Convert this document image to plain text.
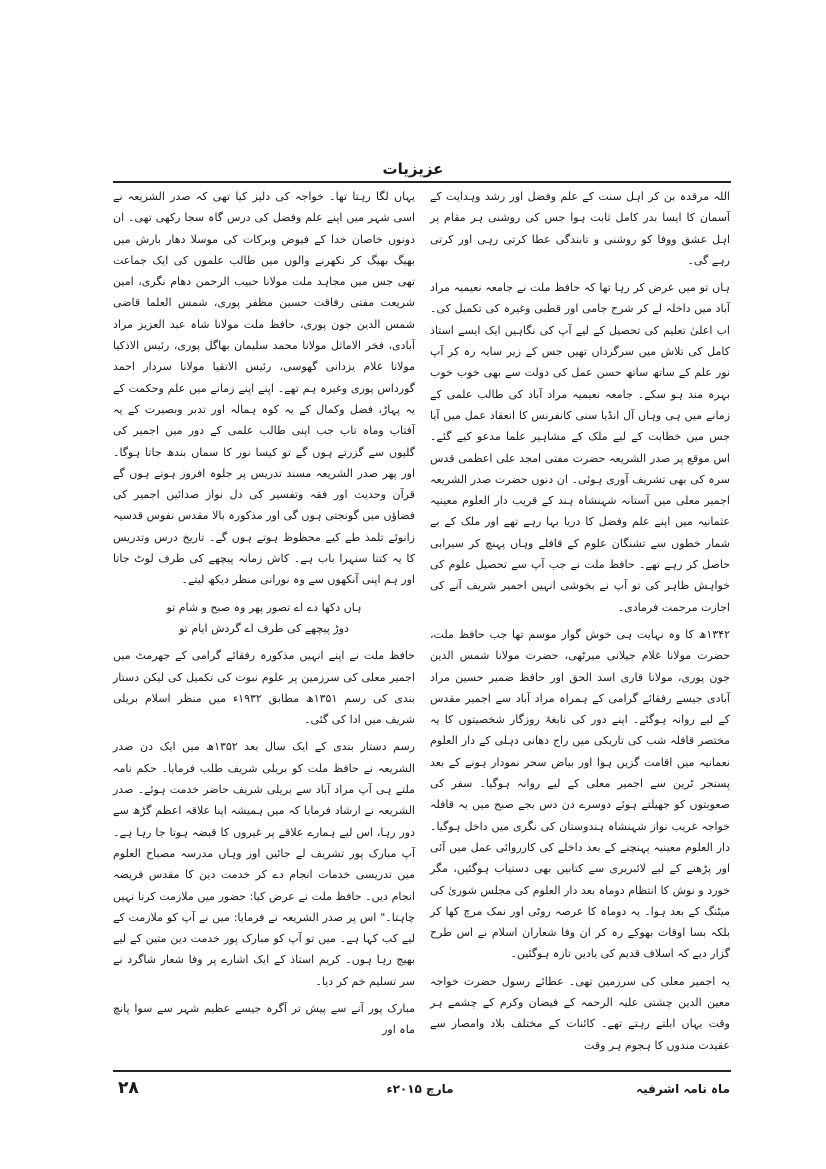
عزیزیات

اللہ مرقدہ بن کر اہل سنت کے علم وفضل اور رشد وہدایت کے آسمان کا ایسا بدر کامل ثابت ہوا جس کی روشنی ہر مقام پر اہل عشق ووفا کو روشنی و تابندگی عطا کرتی رہی اور کرتی رہے گی۔

ہاں تو میں عرض کر رہا تھا کہ حافظ ملت نے جامعہ نعیمیہ مراد آباد میں داخلہ لے کر شرح جامی اور قطبی وغیرہ کی تکمیل کی۔ اب اعلیٰ تعلیم کی تحصیل کے لیے آپ کی نگاہیں ایک ایسے استاذ کامل کی تلاش میں سرگرداں تھیں جس کے زیر سایہ رہ کر آپ نور علم کے ساتھ ساتھ حسن عمل کی دولت سے بھی خوب خوب بہرہ مند ہو سکے۔ جامعہ نعیمیہ مراد آباد کی طالب علمی کے زمانے میں ہی وہاں آل انڈیا سنی کانفرنس کا انعقاد عمل میں آیا جس میں خطابت کے لیے ملک کے مشاہیر علما مدعو کیے گئے۔ اس موقع پر صدر الشریعہ حضرت مفتی امجد علی اعظمی قدس سرہ کی بھی تشریف آوری ہوئی۔ ان دنوں حضرت صدر الشریعہ اجمیر معلی میں آستانہ شہنشاہ ہند کے قریب دار العلوم معینیہ عثمانیہ میں اپنے علم وفضل کا دریا بہا رہے تھے اور ملک کے بے شمار خطوں سے تشنگان علوم کے قافلے وہاں پہنچ کر سیرابی حاصل کر رہے تھے۔ حافظ ملت نے جب آپ سے تحصیل علوم کی خواہش ظاہر کی تو آپ نے بخوشی انہیں اجمیر شریف آنے کی اجازت مرحمت فرمادی۔

۱۳۴۲ھ کا وہ نہایت ہی خوش گوار موسم تھا جب حافظ ملت، حضرت مولانا غلام جیلانی میرٹھی، حضرت مولانا شمس الدین جون پوری، مولانا قاری اسد الحق اور حافظ ضمیر حسین مراد آبادی جیسے رفقائے گرامی کے ہمراہ مراد آباد سے اجمیر مقدس کے لیے روانہ ہوگئے۔ اپنے دور کی نابغۂ روزگار شخصیتوں کا یہ مختصر قافلہ شب کی تاریکی میں راج دھانی دہلی کے دار العلوم نعمانیہ میں اقامت گزیں ہوا اور بیاض سحر نمودار ہونے کے بعد پسنجر ٹرین سے اجمیر معلی کے لیے روانہ ہوگیا۔ سفر کی صعوبتوں کو جھیلتے ہوئے دوسرے دن دس بجے صبح میں یہ قافلہ خواجہ غریب نواز شہنشاہ ہندوستان کی نگری میں داخل ہوگیا۔ دار العلوم معینیہ پہنچنے کے بعد داخلے کی کارروائی عمل میں آئی اور پڑھنے کے لیے لائبریری سے کتابیں بھی دستیاب ہوگئیں، مگر خورد و نوش کا انتظام دوماہ بعد دار العلوم کی مجلس شوریٰ کی میٹنگ کے بعد ہوا۔ یہ دوماہ کا عرصہ روٹی اور نمک مرچ کھا کر بلکہ بسا اوقات بھوکے رہ کر ان وفا شعاران اسلام نے اس طرح گزار دیے کہ اسلاف قدیم کی یادیں تازہ ہوگئیں۔

یہ اجمیر معلی کی سرزمین تھی۔ عطائے رسول حضرت خواجہ معین الدین چشتی علیہ الرحمہ کے فیضان وکرم کے چشمے ہر وقت یہاں ابلتے رہتے تھے۔ کائنات کے مختلف بلاد وامصار سے عقیدت مندوں کا ہجوم ہر وقت

یہاں لگا رہتا تھا۔ خواجہ کی دلیز کیا تھی کہ صدر الشریعہ نے اسی شہر میں اپنے علم وفضل کی درس گاہ سجا رکھی تھی۔ ان دونوں خاصان خدا کے فیوض وبرکات کی موسلا دھار بارش میں بھیگ بھیگ کر نکھرنے والوں میں طالب علموں کی ایک جماعت تھی جس میں مجاہد ملت مولانا حبیب الرحمن دھام نگری، امین شریعت مفتی رفاقت حسین مظفر پوری، شمس العلما قاضی شمس الدین جون پوری، حافظ ملت مولانا شاہ عبد العزیز مراد آبادی، فخر الاماثل مولانا محمد سلیمان بھاگل پوری، رئیس الاذکیا مولانا غلام یزدانی گھوسی، رئیس الاتقیا مولانا سردار احمد گورداس پوری وغیرہ ہم تھے۔ اپنے اپنے زمانے میں علم وحکمت کے یہ پہاڑ، فضل وکمال کے یہ کوہ ہمالہ اور تدبر وبصیرت کے یہ آفتاب وماہ تاب جب اپنی طالب علمی کے دور میں اجمیر کی گلیوں سے گزرتے ہوں گے تو کیسا نور کا سماں بندھ جاتا ہوگا۔ اور پھر صدر الشریعہ مسند تدریس پر جلوہ افروز ہوتے ہوں گے قرآن وحدیث اور فقہ وتفسیر کی دل نواز صدائیں اجمیر کی فضاؤں میں گونجتی ہوں گی اور مذکورہ بالا مقدس نفوس قدسیہ زانوئے تلمذ طے کیے محظوظ ہوتے ہوں گے۔ تاریخ درس وتدریس کا یہ کتنا سنہرا باب ہے۔ کاش زمانہ پیچھے کی طرف لوٹ جاتا اور ہم اپنی آنکھوں سے وہ نورانی منظر دیکھ لیتے۔

ہاں دکھا دے اے تصور پھر وہ صبح و شام تو
دوڑ پیچھے کی طرف اے گردش ایام تو

حافظ ملت نے اپنے انہیں مذکورہ رفقائے گرامی کے جھرمٹ میں اجمیر معلی کی سرزمین پر علوم نبوت کی تکمیل کی لیکن دستار بندی کی رسم ۱۳۵۱ھ مطابق ۱۹۳۲ء میں منظر اسلام بریلی شریف میں ادا کی گئی۔

رسم دستار بندی کے ایک سال بعد ۱۳۵۲ھ میں ایک دن صدر الشریعہ نے حافظ ملت کو بریلی شریف طلب فرمایا۔ حکم نامہ ملتے ہی آپ مراد آباد سے بریلی شریف حاضر خدمت ہوئے۔ صدر الشریعہ نے ارشاد فرمایا کہ میں ہمیشہ اپنا علاقہ اعظم گڑھ سے دور رہا، اس لیے ہمارے علاقے پر غیروں کا قبضہ ہوتا جا رہا ہے۔ آپ مبارک پور تشریف لے جائیں اور وہاں مدرسہ مصباح العلوم میں تدریسی خدمات انجام دے کر خدمت دین کا مقدس فریضہ انجام دیں۔ حافظ ملت نے عرض کیا: حضور میں ملازمت کرنا نہیں چاہتا۔" اس پر صدر الشریعہ نے فرمایا: میں نے آپ کو ملازمت کے لیے کب کہا ہے۔ میں تو آپ کو مبارک پور خدمت دین متین کے لیے بھیج رہا ہوں۔ کریم استاذ کے ایک اشارے پر وفا شعار شاگرد نے سر تسلیم خم کر دیا۔

مبارک پور آنے سے پیش تر آگرہ جیسے عظیم شہر سے سوا پانچ ماہ اور

۲۸	مارچ ۲۰۱۵ء	ماہ نامہ اشرفیہ
